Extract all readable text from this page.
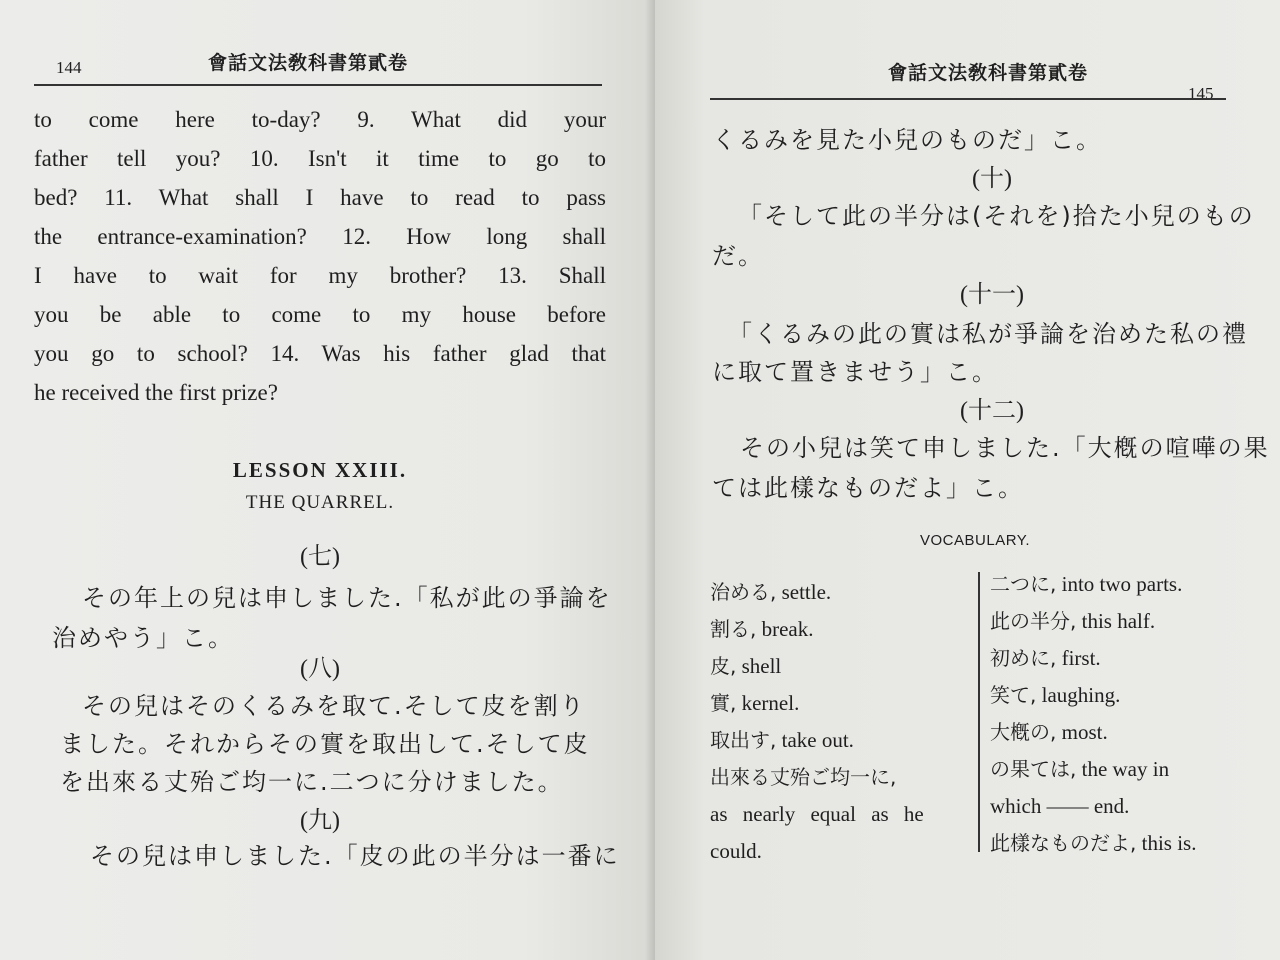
144	會話文法敎科書第貳卷
to come here to-day? 9. What did your
father tell you? 10. Isn't it time to go to
bed? 11. What shall I have to read to pass
the entrance-examination? 12. How long shall
I have to wait for my brother? 13. Shall
you be able to come to my house before
you go to school? 14. Was his father glad that
he received the first prize?
LESSON XXIII.
THE QUARREL.
(七)
その年上の兒は申しました.「私が此の爭論を
治めやう」こ。
(八)
その兒はそのくるみを取て.そして皮を割り
ました。それからその實を取出して.そして皮
を出來る丈殆ご均一に.二つに分けました。
(九)
その兒は申しました.「皮の此の半分は一番に
會話文法敎科書第貳卷
145
くるみを見た小兒のものだ」こ。
(十)
「そして此の半分は(それを)拾た小兒のもの
だ。
(十一)
「くるみの此の實は私が爭論を治めた私の禮
に取て置きませう」こ。
(十二)
その小兒は笑て申しました.「大槪の喧嘩の果
ては此樣なものだよ」こ。
VOCABULARY.
治める, settle.
割る, break.
皮, shell
實, kernel.
取出す, take out.
出來る丈殆ご均一に,
as nearly equal as he
could.
二つに, into two parts.
此の半分, this half.
初めに, first.
笑て, laughing.
大槪の, most.
の果ては, the way in
which —— end.
此樣なものだよ, this is.
